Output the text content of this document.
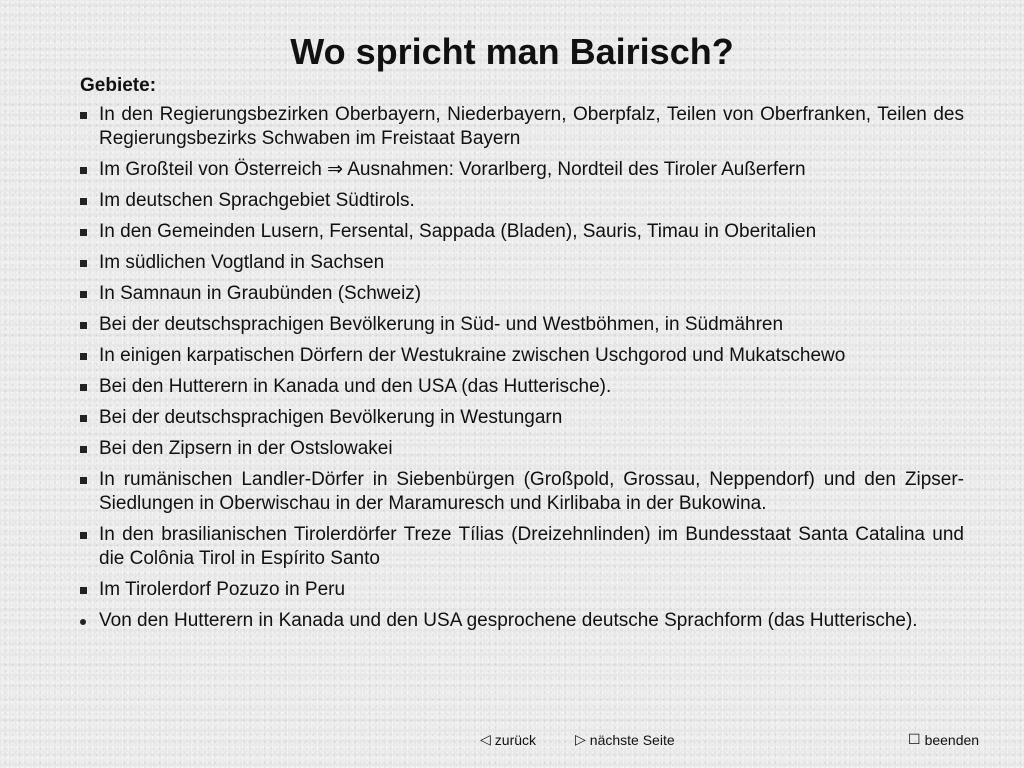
Wo spricht man Bairisch?
Gebiete:
In den Regierungsbezirken Oberbayern, Niederbayern, Oberpfalz, Teilen von Oberfranken, Teilen des Regierungsbezirks Schwaben im Freistaat Bayern
Im Großteil von Österreich ⇒ Ausnahmen: Vorarlberg, Nordteil des Tiroler Außerfern
Im deutschen Sprachgebiet Südtirols.
In den Gemeinden Lusern, Fersental, Sappada (Bladen), Sauris, Timau in Oberitalien
Im südlichen Vogtland in Sachsen
In Samnaun in Graubünden (Schweiz)
Bei der deutschsprachigen Bevölkerung in Süd- und Westböhmen, in Südmähren
In einigen karpatischen Dörfern der Westukraine zwischen Uschgorod und Mukatschewo
Bei den Hutterern in Kanada und den USA (das Hutterische).
Bei der deutschsprachigen Bevölkerung in Westungarn
Bei den Zipsern in der Ostslowakei
In rumänischen Landler-Dörfer in Siebenbürgen (Großpold, Grossau, Neppendorf) und den Zipser-Siedlungen in Oberwischau in der Maramuresch und Kirlibaba in der Bukowina.
In den brasilianischen Tirolerdörfer Treze Tílias (Dreizehnlinden) im Bundesstaat Santa Catalina und die Colônia Tirol in Espírito Santo
Im Tirolerdorf Pozuzo in Peru
Von den Hutterern in Kanada und den USA gesprochene deutsche Sprachform (das Hutterische).
◁ zurück	▷ nächste Seite	☐ beenden
